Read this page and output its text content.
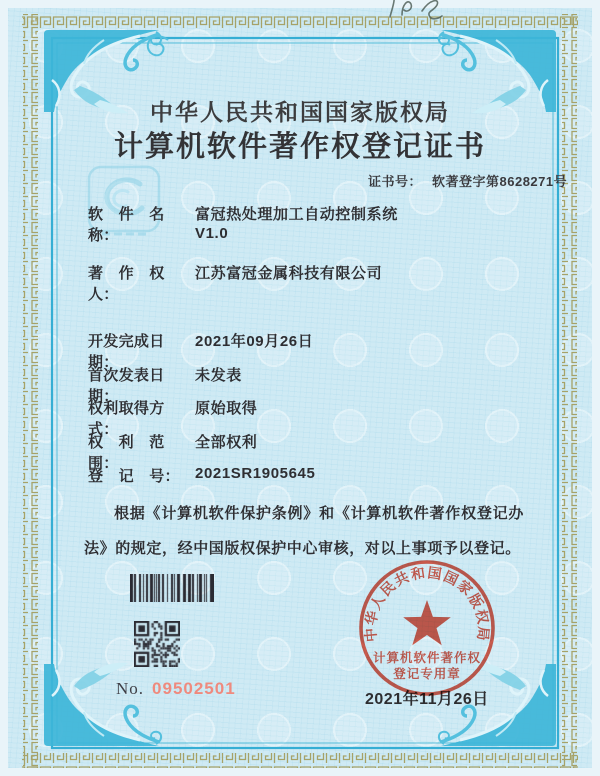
中华人民共和国国家版权局
计算机软件著作权登记证书
证书号： 软著登字第8628271号
软　件　名　称：
富冠热处理加工自动控制系统
V1.0
著　作　权　人：
江苏富冠金属科技有限公司
开发完成日期：
2021年09月26日
首次发表日期：
未发表
权利取得方式：
原始取得
权　利　范　围：
全部权利
登　记　号：	2021SR1905645
根据《计算机软件保护条例》和《计算机软件著作权登记办法》的规定，经中国版权保护中心审核，对以上事项予以登记。
No. 09502501
2021年11月26日
中华人民共和国国家版权局
计算机软件著作权
登记专用章
